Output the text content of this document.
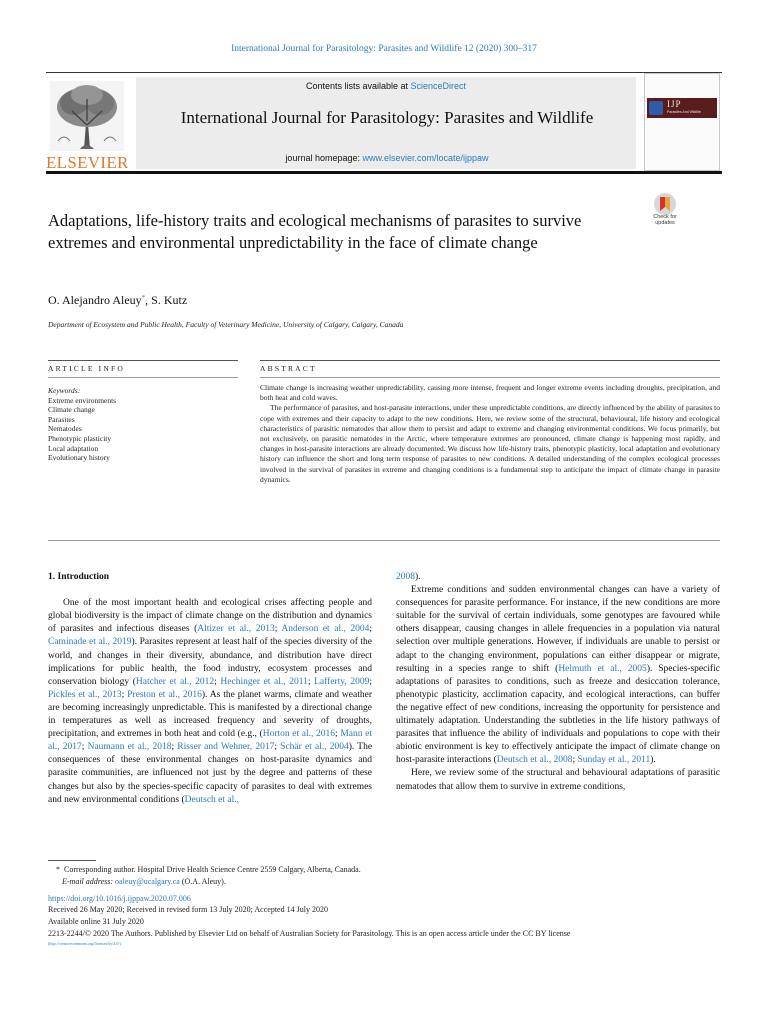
International Journal for Parasitology: Parasites and Wildlife 12 (2020) 300–317
ELSEVIER
Contents lists available at ScienceDirect
International Journal for Parasitology: Parasites and Wildlife
journal homepage: www.elsevier.com/locate/ijppaw
IJP
Parasites And Wildlife
Adaptations, life-history traits and ecological mechanisms of parasites to survive extremes and environmental unpredictability in the face of climate change
Check for
updates
O. Alejandro Aleuy*, S. Kutz
Department of Ecosystem and Public Health, Faculty of Veterinary Medicine, University of Calgary, Calgary, Canada
ARTICLE INFO	ABSTRACT
Keywords:
Extreme environments
Climate change
Parasites
Nematodes
Phenotypic plasticity
Local adaptation
Evolutionary history

Climate change is increasing weather unpredictability, causing more intense, frequent and longer extreme events including droughts, precipitation, and both heat and cold waves.

The performance of parasites, and host-parasite interactions, under these unpredictable conditions, are directly influenced by the ability of parasites to cope with extremes and their capacity to adapt to the new conditions. Here, we review some of the structural, behavioural, life history and ecological characteristics of parasitic nematodes that allow them to persist and adapt to extreme and changing environmental conditions. We focus primarily, but not exclusively, on parasitic nematodes in the Arctic, where temperature extremes are pronounced, climate change is happening most rapidly, and changes in host-parasite interactions are already documented. We discuss how life-history traits, phenotypic plasticity, local adaptation and evolutionary history can influence the short and long term response of parasites to new conditions. A detailed understanding of the complex ecological processes involved in the survival of parasites in extreme and changing conditions is a fundamental step to anticipate the impact of climate change in parasite dynamics.

1. Introduction

One of the most important health and ecological crises affecting people and global biodiversity is the impact of climate change on the distribution and dynamics of parasites and infectious diseases (Altizer et al., 2013; Anderson et al., 2004; Caminade et al., 2019). Parasites represent at least half of the species diversity of the world, and changes in their diversity, abundance, and distribution have direct implications for public health, the food industry, ecosystem processes and conservation biology (Hatcher et al., 2012; Hechinger et al., 2011; Lafferty, 2009; Pickles et al., 2013; Preston et al., 2016). As the planet warms, climate and weather are becoming increasingly unpredictable. This is manifested by a directional change in temperatures as well as increased frequency and severity of droughts, precipitation, and extremes in both heat and cold (e.g., (Horton et al., 2016; Mann et al., 2017; Naumann et al., 2018; Risser and Wehner, 2017; Schär et al., 2004). The consequences of these environmental changes on host-parasite dynamics and parasite communities, are influenced not just by the degree and patterns of these changes but also by the species-specific capacity of parasites to deal with extremes and new environmental conditions (Deutsch et al.,

2008).

Extreme conditions and sudden environmental changes can have a variety of consequences for parasite performance. For instance, if the new conditions are more suitable for the survival of certain individuals, some genotypes are favoured while others disappear, causing changes in allele frequencies in a population via natural selection over multiple generations. However, if individuals are unable to persist or adapt to the changing environment, populations can either disappear or migrate, resulting in a species range to shift (Helmuth et al., 2005). Species-specific adaptations of parasites to conditions, such as freeze and desiccation tolerance, phenotypic plasticity, acclimation capacity, and ecological interactions, can buffer the negative effect of new conditions, increasing the opportunity for persistence and ultimately adaptation. Understanding the subtleties in the life history pathways of parasites that influence the ability of individuals and populations to cope with their abiotic environment is key to effectively anticipate the impact of climate change on host-parasite interactions (Deutsch et al., 2008; Sunday et al., 2011).

Here, we review some of the structural and behavioural adaptations of parasitic nematodes that allow them to survive in extreme conditions,

* Corresponding author. Hospital Drive Health Science Centre 2559 Calgary, Alberta, Canada.
E-mail address: oaleuy@ucalgary.ca (O.A. Aleuy).
https://doi.org/10.1016/j.ijppaw.2020.07.006
Received 26 May 2020; Received in revised form 13 July 2020; Accepted 14 July 2020
Available online 31 July 2020
2213-2244/© 2020 The Authors. Published by Elsevier Ltd on behalf of Australian Society for Parasitology. This is an open access article under the CC BY license
(http://creativecommons.org/licenses/by/4.0/).
